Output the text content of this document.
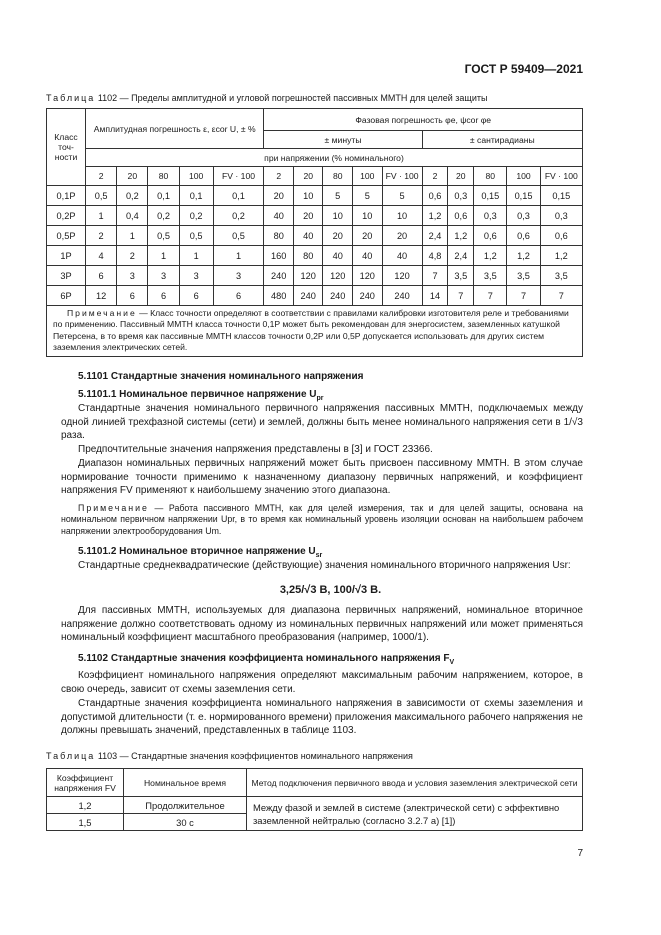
ГОСТ Р 59409—2021
Таблица 1102 — Пределы амплитудной и угловой погрешностей пассивных ММТН для целей защиты
Класс точ-ности	Амплитудная погрешность ε, εcor U, ± %					Фазовая погрешность φe, ψcor φe									
						± минуты					± сантирадианы				
	при напряжении (% номинального)														
	2	20	80	100	FV · 100	2	20	80	100	FV · 100	2	20	80	100	FV · 100
0,1P	0,5	0,2	0,1	0,1	0,1	20	10	5	5	5	0,6	0,3	0,15	0,15	0,15
0,2P	1	0,4	0,2	0,2	0,2	40	20	10	10	10	1,2	0,6	0,3	0,3	0,3
0,5P	2	1	0,5	0,5	0,5	80	40	20	20	20	2,4	1,2	0,6	0,6	0,6
1P	4	2	1	1	1	160	80	40	40	40	4,8	2,4	1,2	1,2	1,2
3P	6	3	3	3	3	240	120	120	120	120	7	3,5	3,5	3,5	3,5
6P	12	6	6	6	6	480	240	240	240	240	14	7	7	7	7
Примечание — Класс точности определяют в соответствии с правилами калибровки изготовителя реле и требованиями по применению. Пассивный ММТН класса точности 0,1P может быть рекомендован для энергосистем, заземленных катушкой Петерсена, в то время как пассивные ММТН классов точности 0,2P или 0,5P допускается использовать для других систем заземления электрических сетей.															
5.1101 Стандартные значения номинального напряжения
5.1101.1 Номинальное первичное напряжение $U_{pr}$
Стандартные значения номинального первичного напряжения пассивных ММТН, подключаемых между одной линией трехфазной системы (сети) и землей, должны быть менее номинального напряжения сети в 1/√3 раза.
Предпочтительные значения напряжения представлены в [3] и ГОСТ 23366.
Диапазон номинальных первичных напряжений может быть присвоен пассивному ММТН. В этом случае нормирование точности применимо к назначенному диапазону первичных напряжений, и коэффициент напряжения FV применяют к наибольшему значению этого диапазона.
Примечание — Работа пассивного ММТН, как для целей измерения, так и для целей защиты, основана на номинальном первичном напряжении Upr, в то время как номинальный уровень изоляции основан на наибольшем рабочем напряжении электрооборудования Um.
5.1101.2 Номинальное вторичное напряжение $U_{sr}$
Стандартные среднеквадратические (действующие) значения номинального вторичного напряжения Usr:
3,25/√3 В, 100/√3 В.
Для пассивных ММТН, используемых для диапазона первичных напряжений, номинальное вторичное напряжение должно соответствовать одному из номинальных первичных напряжений или может применяться номинальный коэффициент масштабного преобразования (например, 1000/1).
5.1102 Стандартные значения коэффициента номинального напряжения $F_V$
Коэффициент номинального напряжения определяют максимальным рабочим напряжением, которое, в свою очередь, зависит от схемы заземления сети.
Стандартные значения коэффициента номинального напряжения в зависимости от схемы заземления и допустимой длительности (т. е. нормированного времени) приложения максимального рабочего напряжения не должны превышать значений, представленных в таблице 1103.
Таблица 1103 — Стандартные значения коэффициентов номинального напряжения
Коэффициент напряжения FV	Номинальное время	Метод подключения первичного ввода и условия заземления электрической сети
1,2	Продолжительное	Между фазой и землей в системе (электрической сети) с эффективно заземленной нейтралью (согласно 3.2.7 а) [1])
1,5	30 с	
7
